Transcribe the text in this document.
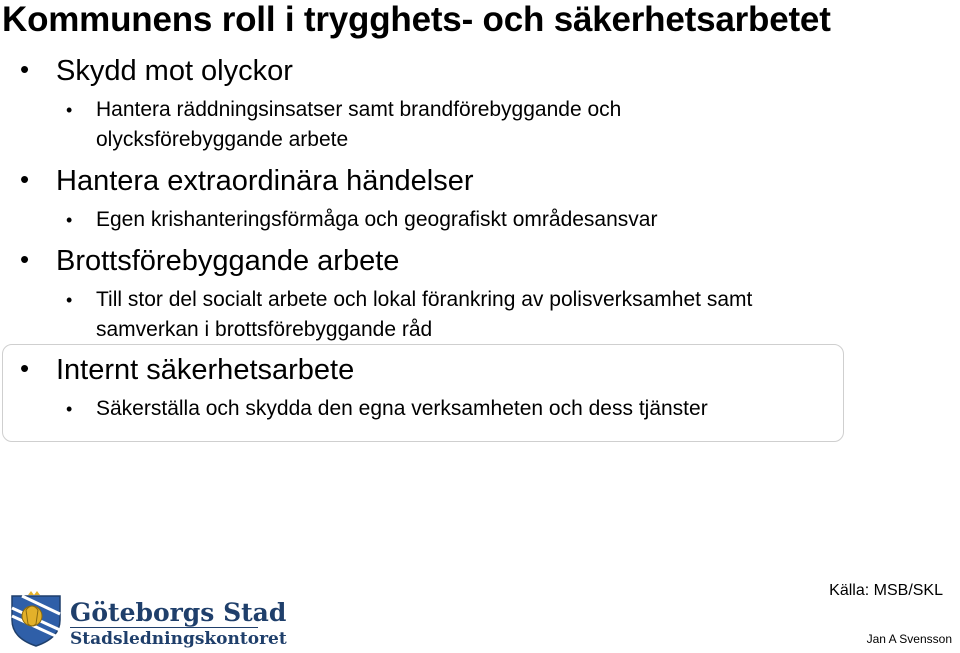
Kommunens roll i trygghets- och säkerhetsarbetet
• Skydd mot olyckor
• Hantera räddningsinsatser samt brandförebyggande och olycksförebyggande arbete
• Hantera extraordinära händelser
• Egen krishanteringsförmåga och geografiskt områdesansvar
• Brottsförebyggande arbete
• Till stor del socialt arbete och lokal förankring av polisverksamhet samt samverkan i brottsförebyggande råd
• Internt säkerhetsarbete
• Säkerställa och skydda den egna verksamheten och dess tjänster
Göteborgs Stad
Stadsledningskontoret
Källa: MSB/SKL
Jan A Svensson
